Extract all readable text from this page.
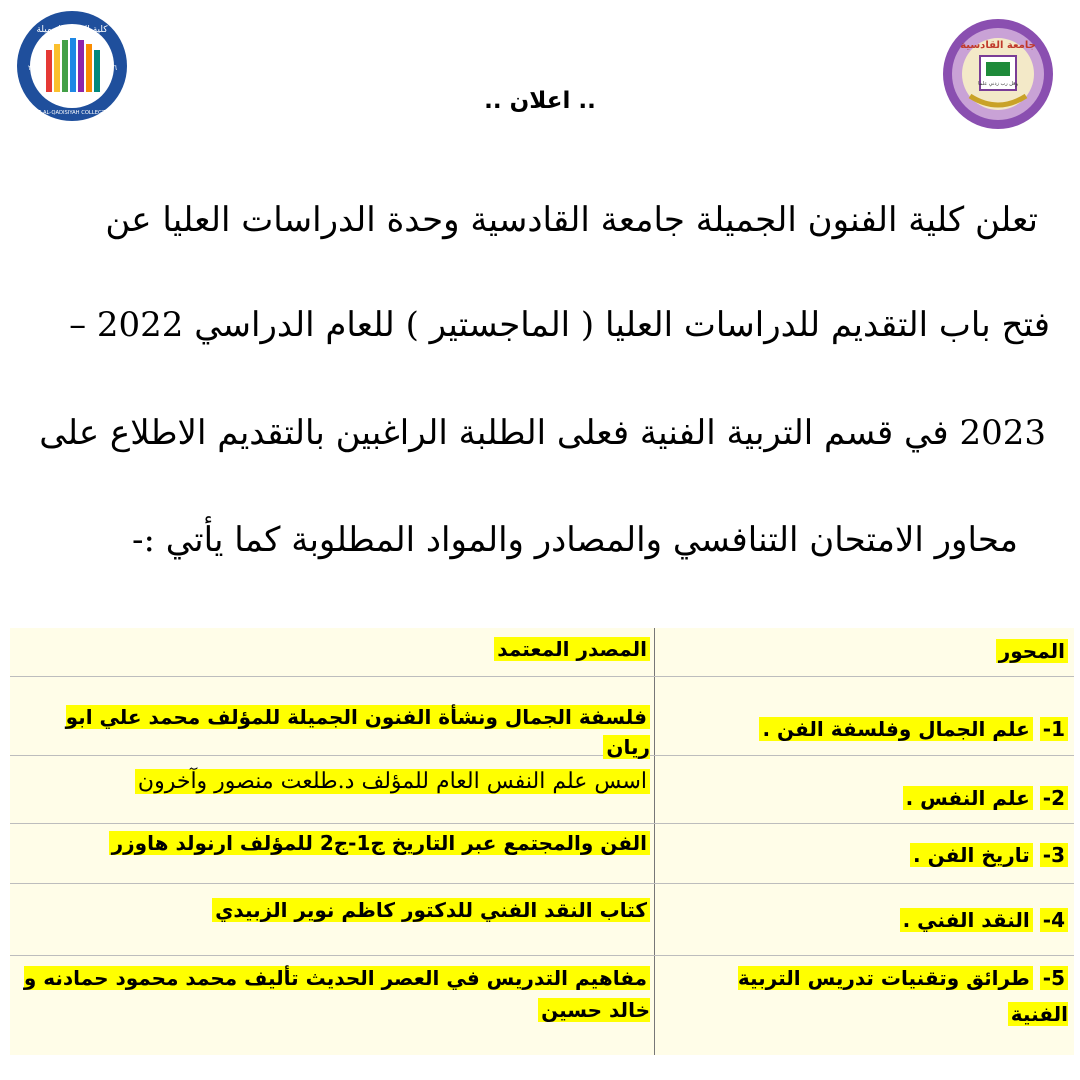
كلية الفنون الجميلة
٢٠١٤	١٤٣٦
UNIVERSITY OF AL-QADISIYAH COLLEGE OF FINE ARTS
جامعة القادسية
وقل رب زدني علما
.. اعلان ..
تعلن كلية الفنون الجميلة جامعة القادسية وحدة الدراسات العليا عن
فتح باب التقديم للدراسات العليا ( الماجستير ) للعام الدراسي 2022 –
2023 في قسم التربية الفنية فعلى الطلبة الراغبين بالتقديم الاطلاع على
محاور الامتحان التنافسي والمصادر والمواد المطلوبة كما يأتي :-
المحور
المصدر المعتمد
1- علم الجمال وفلسفة الفن .
فلسفة الجمال ونشأة الفنون الجميلة للمؤلف محمد علي ابو ريان
2- علم النفس .
اسس علم النفس العام للمؤلف د.طلعت منصور وآخرون
3- تاريخ الفن .
الفن والمجتمع عبر التاريخ ج1-ج2 للمؤلف ارنولد هاوزر
4- النقد الفني .
كتاب النقد الفني للدكتور كاظم نوير الزبيدي
5- طرائق وتقنيات تدريس التربية الفنية
مفاهيم التدريس في العصر الحديث تأليف محمد محمود حمادنه و خالد حسين
